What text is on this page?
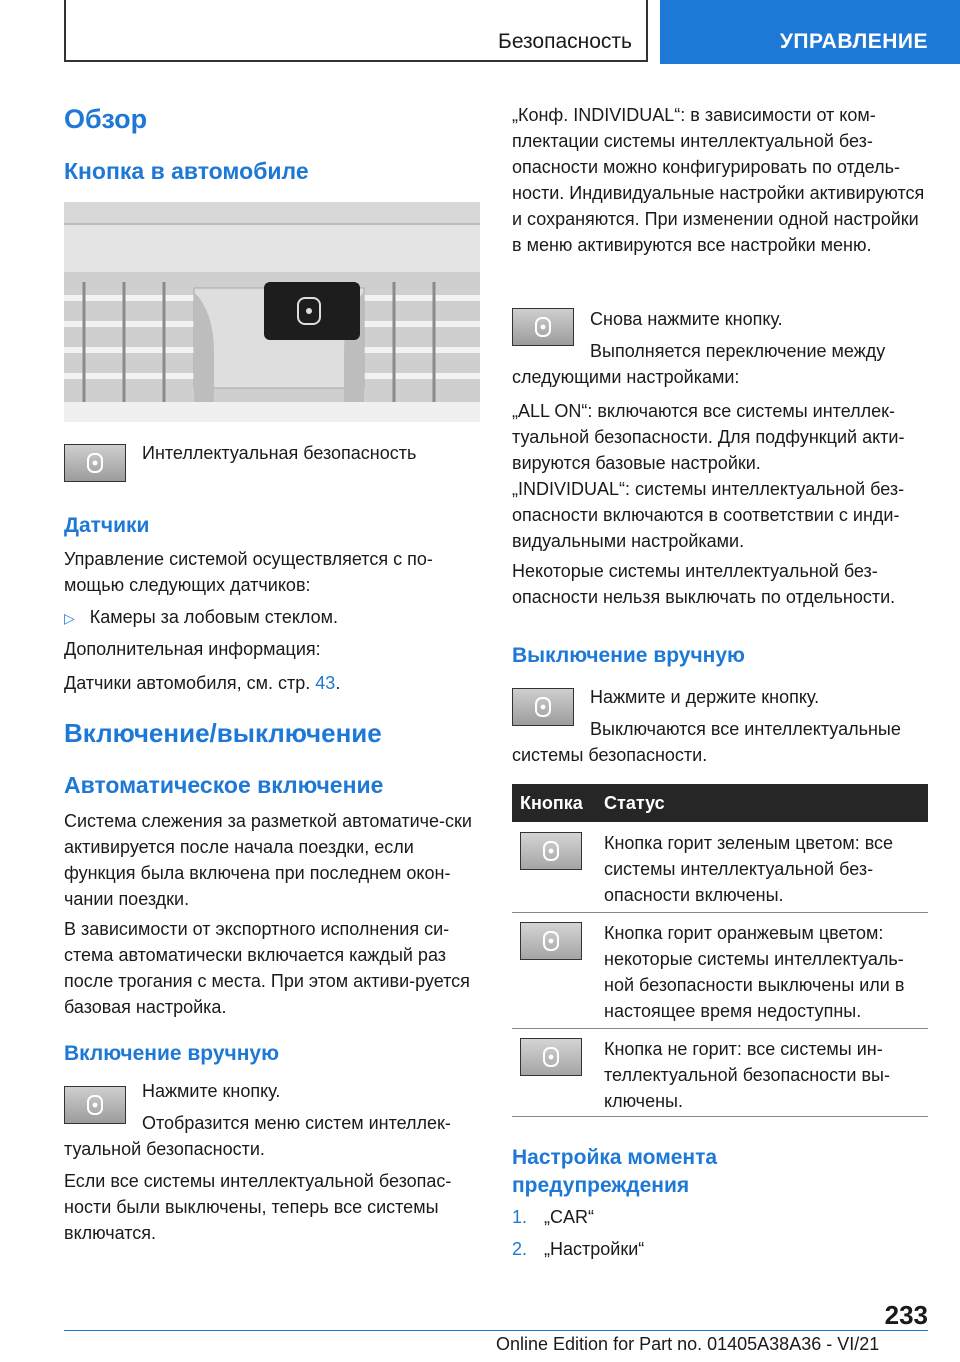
Безопасность	УПРАВЛЕНИЕ
Обзор
Кнопка в автомобиле
Интеллектуальная безопасность
Датчики
Управление системой осуществляется с по-мощью следующих датчиков:
▷ Камеры за лобовым стеклом.
Дополнительная информация:
Датчики автомобиля, см. стр. 43.
Включение/выключение
Автоматическое включение
Система слежения за разметкой автоматиче-ски активируется после начала поездки, если функция была включена при последнем окон-чании поездки.
В зависимости от экспортного исполнения си-стема автоматически включается каждый раз после трогания с места. При этом активи-руется базовая настройка.
Включение вручную
Нажмите кнопку.
Отобразится меню систем интеллек-туальной безопасности.
Если все системы интеллектуальной безопас-ности были выключены, теперь все системы включатся.
„Конф. INDIVIDUAL“: в зависимости от ком-плектации системы интеллектуальной без-опасности можно конфигурировать по отдель-ности. Индивидуальные настройки активируются и сохраняются. При изменении одной настройки в меню активируются все настройки меню.
Снова нажмите кнопку.
Выполняется переключение между следующими настройками:
„ALL ON“: включаются все системы интеллек-туальной безопасности. Для подфункций акти-вируются базовые настройки.
„INDIVIDUAL“: системы интеллектуальной без-опасности включаются в соответствии с инди-видуальными настройками.
Некоторые системы интеллектуальной без-опасности нельзя выключать по отдельности.
Выключение вручную
Нажмите и держите кнопку.
Выключаются все интеллектуальные системы безопасности.
Кнопка Статус
Кнопка горит зеленым цветом: все системы интеллектуальной без-опасности включены.
Кнопка горит оранжевым цветом: некоторые системы интеллектуаль-ной безопасности выключены или в настоящее время недоступны.
Кнопка не горит: все системы ин-теллектуальной безопасности вы-ключены.
Настройка момента предупреждения
1. „CAR“
2. „Настройки“
233
Online Edition for Part no. 01405A38A36 - VI/21
